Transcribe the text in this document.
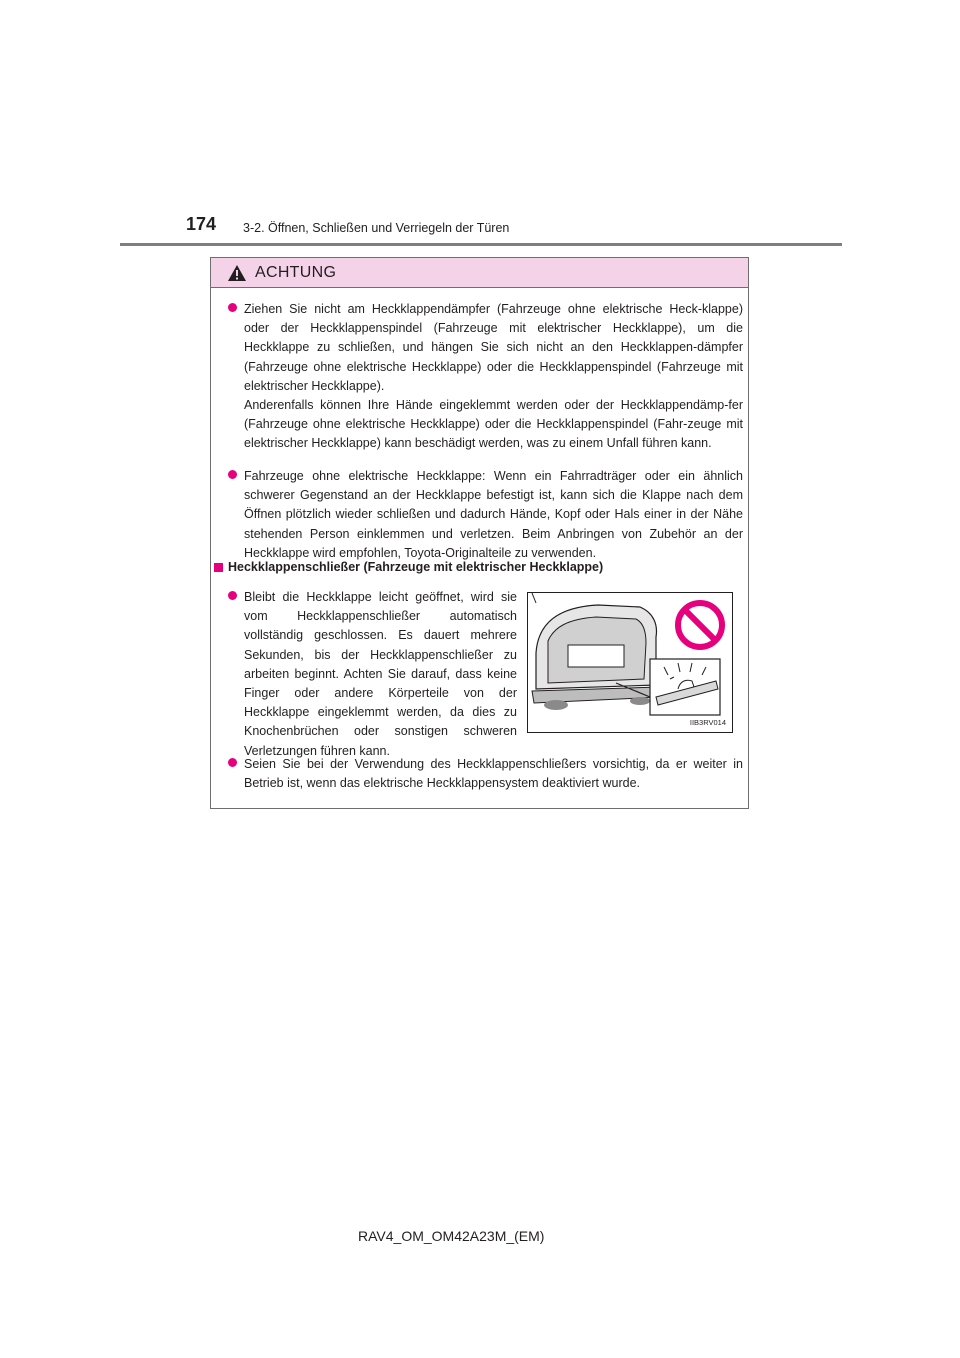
174 3-2. Öffnen, Schließen und Verriegeln der Türen
ACHTUNG

Ziehen Sie nicht am Heckklappendämpfer (Fahrzeuge ohne elektrische Heck-klappe) oder der Heckklappenspindel (Fahrzeuge mit elektrischer Heckklappe), um die Heckklappe zu schließen, und hängen Sie sich nicht an den Heckklappen-dämpfer (Fahrzeuge ohne elektrische Heckklappe) oder die Heckklappenspindel (Fahrzeuge mit elektrischer Heckklappe).

Anderenfalls können Ihre Hände eingeklemmt werden oder der Heckklappendämp-fer (Fahrzeuge ohne elektrische Heckklappe) oder die Heckklappenspindel (Fahr-zeuge mit elektrischer Heckklappe) kann beschädigt werden, was zu einem Unfall führen kann.

Fahrzeuge ohne elektrische Heckklappe: Wenn ein Fahrradträger oder ein ähnlich schwerer Gegenstand an der Heckklappe befestigt ist, kann sich die Klappe nach dem Öffnen plötzlich wieder schließen und dadurch Hände, Kopf oder Hals einer in der Nähe stehenden Person einklemmen und verletzen. Beim Anbringen von Zubehör an der Heckklappe wird empfohlen, Toyota-Originalteile zu verwenden.
Heckklappenschließer (Fahrzeuge mit elektrischer Heckklappe)
Bleibt die Heckklappe leicht geöffnet, wird sie vom Heckklappenschließer automatisch vollständig geschlossen. Es dauert mehrere Sekunden, bis der Heckklappenschließer zu arbeiten beginnt. Achten Sie darauf, dass keine Finger oder andere Körperteile von der Heckklappe eingeklemmt werden, da dies zu Knochenbrüchen oder sonstigen schweren Verletzungen führen kann.
IIB3RV014
Seien Sie bei der Verwendung des Heckklappenschließers vorsichtig, da er weiter in Betrieb ist, wenn das elektrische Heckklappensystem deaktiviert wurde.
RAV4_OM_OM42A23M_(EM)
